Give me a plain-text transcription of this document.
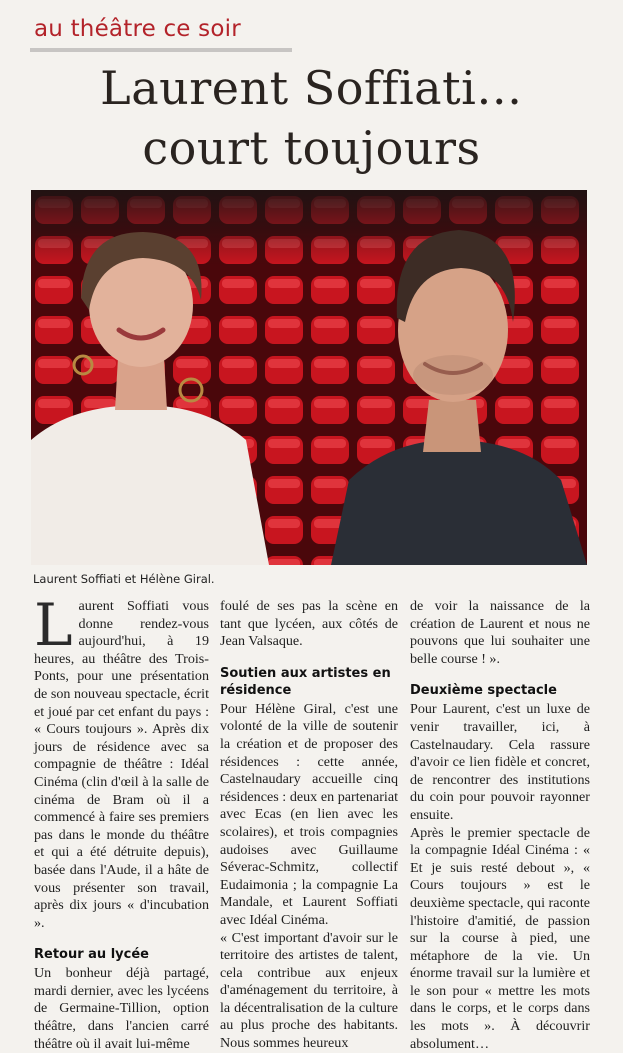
au théâtre ce soir
Laurent Soffiati…
court toujours
Laurent Soffiati et Hélène Giral.

Laurent Soffiati vous donne rendez-vous aujourd'hui, à 19 heures, au théâtre des Trois-Ponts, pour une présentation de son nouveau spectacle, écrit et joué par cet enfant du pays : « Cours toujours ». Après dix jours de résidence avec sa compagnie de théâtre : Idéal Cinéma (clin d'œil à la salle de cinéma de Bram où il a commencé à faire ses premiers pas dans le monde du théâtre et qui a été détruite depuis), basée dans l'Aude, il a hâte de vous présenter son travail, après dix jours « d'incubation ».

Retour au lycée

Un bonheur déjà partagé, mardi dernier, avec les lycéens de Germaine-Tillion, option théâtre, dans l'ancien carré théâtre où il avait lui-même

foulé de ses pas la scène en tant que lycéen, aux côtés de Jean Valsaque.

Soutien aux artistes en résidence

Pour Hélène Giral, c'est une volonté de la ville de soutenir la création et de proposer des résidences : cette année, Castelnaudary accueille cinq résidences : deux en partenariat avec Ecas (en lien avec les scolaires), et trois compagnies audoises avec Guillaume Séverac-Schmitz, collectif Eudaimonia ; la compagnie La Mandale, et Laurent Soffiati avec Idéal Cinéma.

« C'est important d'avoir sur le territoire des artistes de talent, cela contribue aux enjeux d'aménagement du territoire, à la décentralisation de la culture au plus proche des habitants. Nous sommes heureux

de voir la naissance de la création de Laurent et nous ne pouvons que lui souhaiter une belle course ! ».

Deuxième spectacle

Pour Laurent, c'est un luxe de venir travailler, ici, à Castelnaudary. Cela rassure d'avoir ce lien fidèle et concret, de rencontrer des institutions du coin pour pouvoir rayonner ensuite.

Après le premier spectacle de la compagnie Idéal Cinéma : « Et je suis resté debout », « Cours toujours » est le deuxième spectacle, qui raconte l'histoire d'amitié, de passion sur la course à pied, une métaphore de la vie. Un énorme travail sur la lumière et le son pour « mettre les mots dans le corps, et le corps dans les mots ». À découvrir absolument…
